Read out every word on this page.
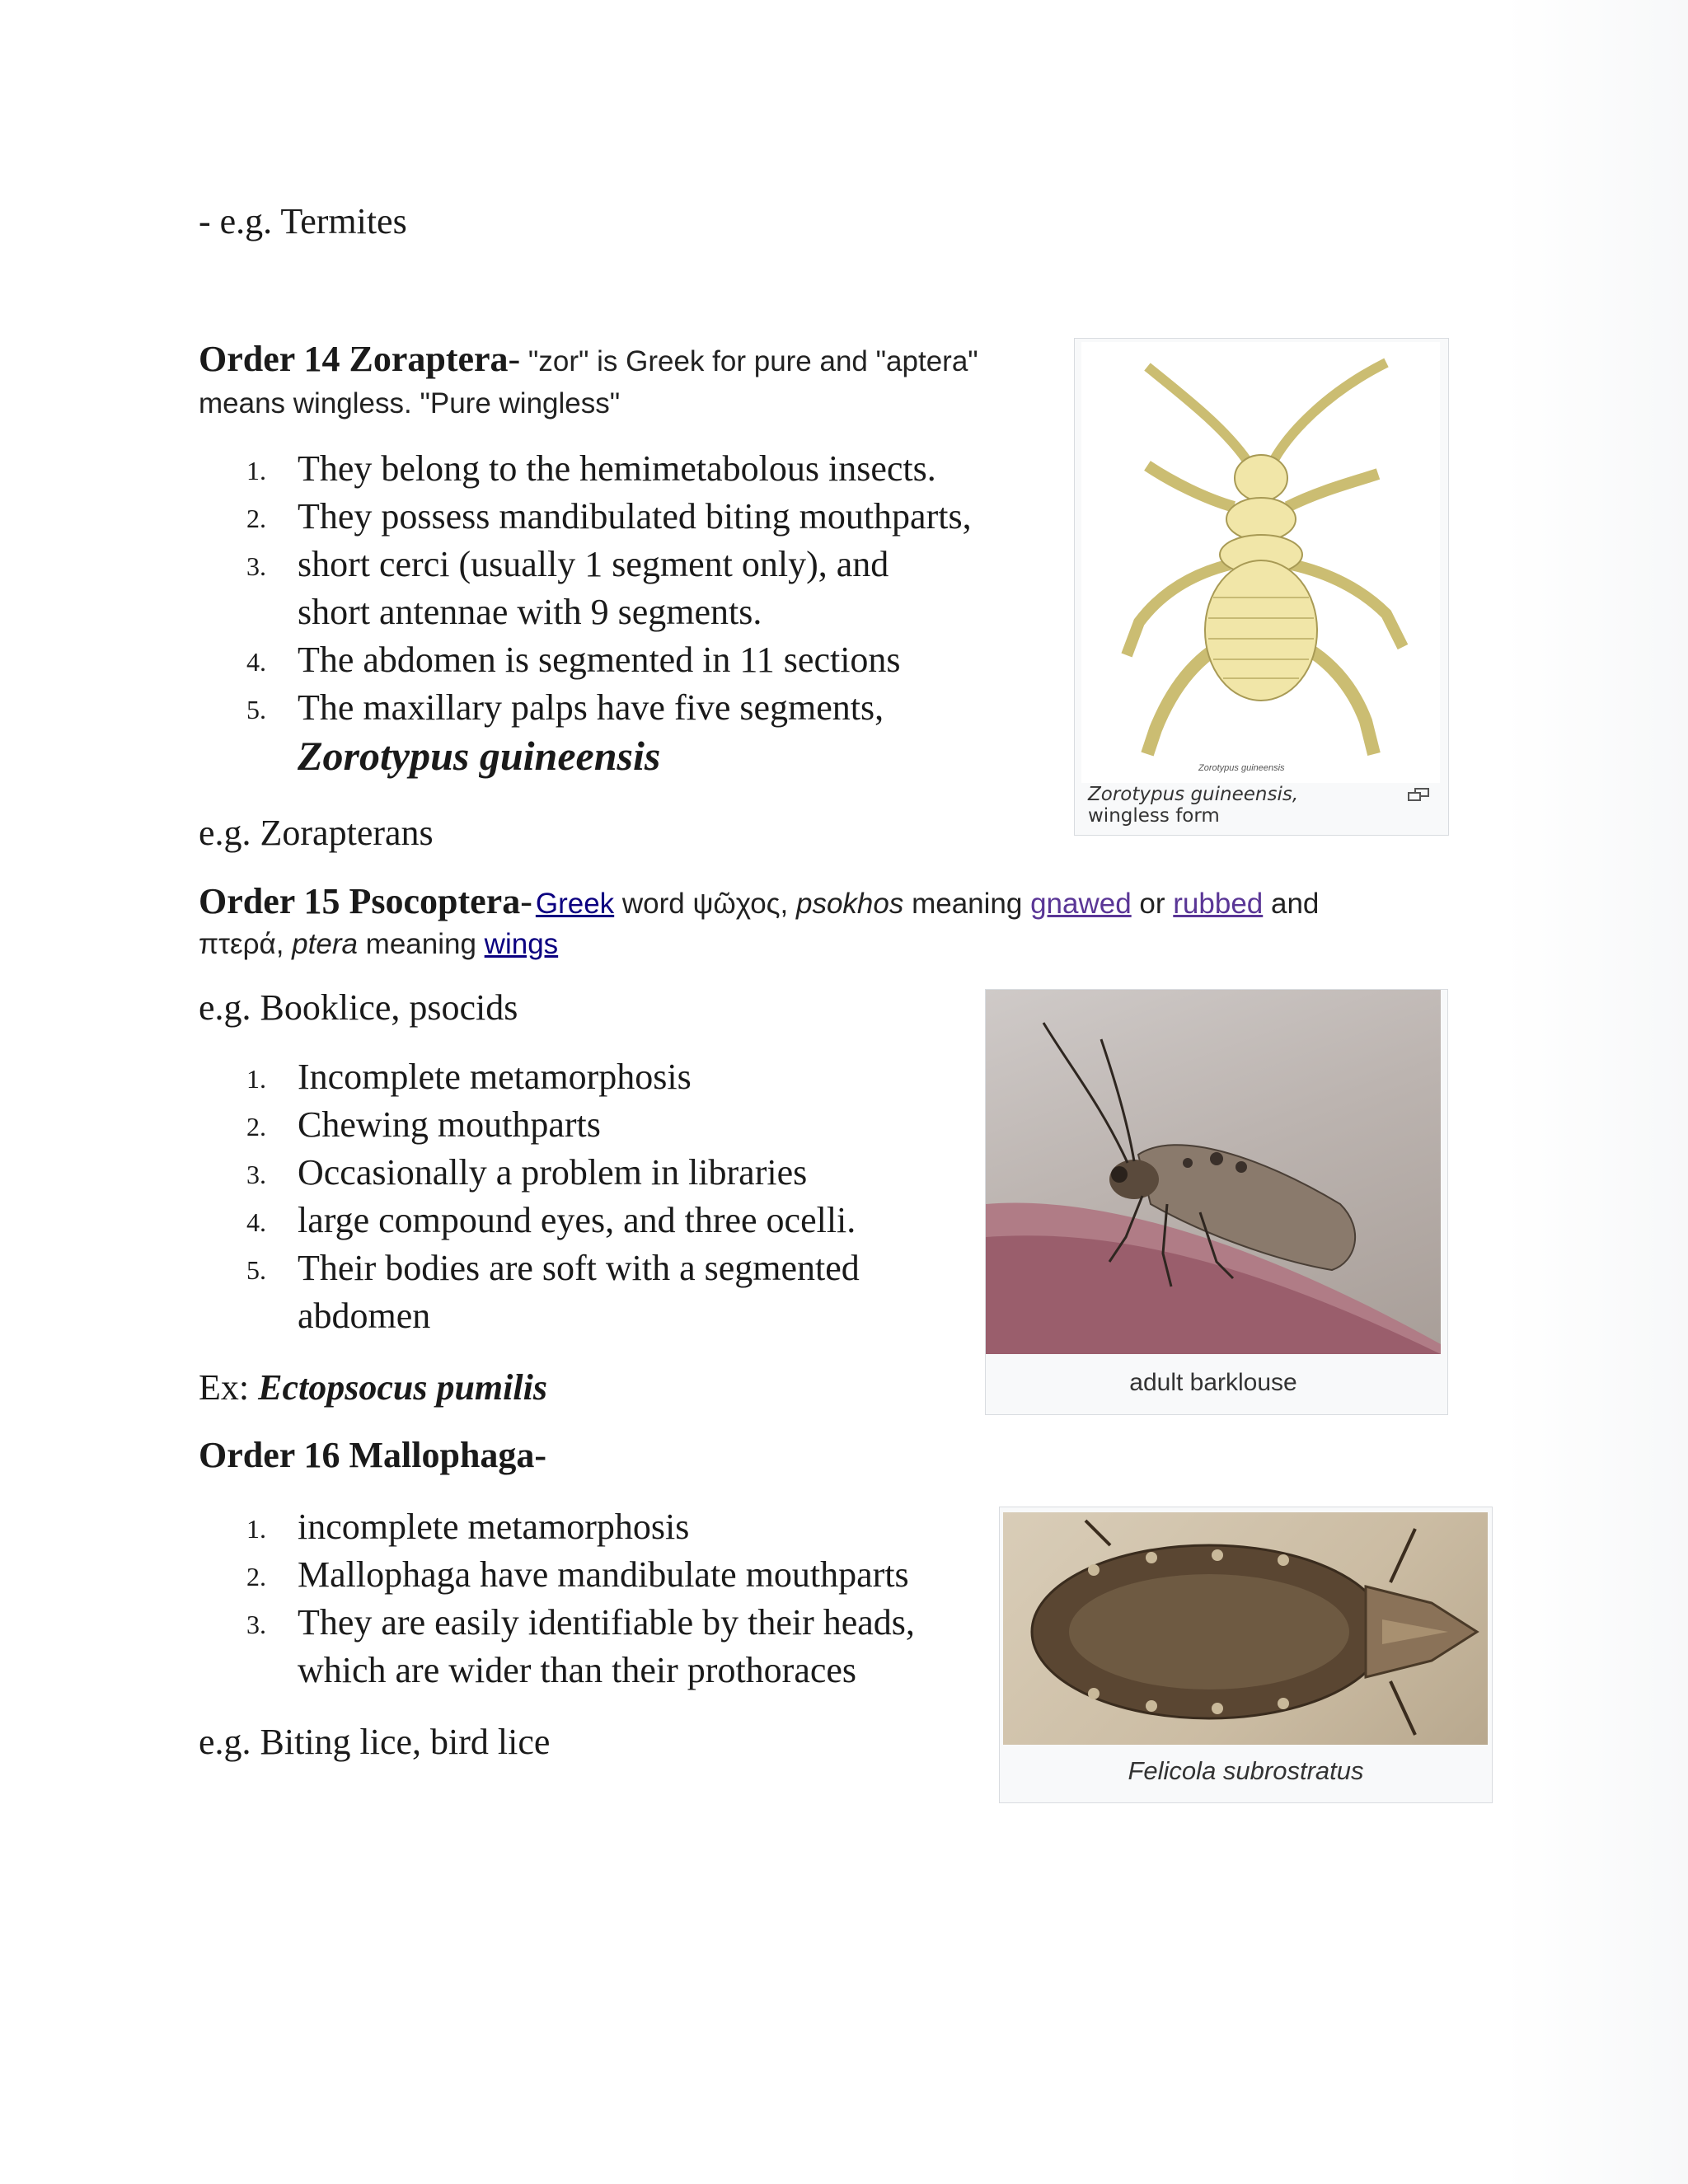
- e.g. Termites
Order 14 Zoraptera- "zor" is Greek for pure and "aptera"
means wingless. "Pure wingless"
1. They belong to the hemimetabolous insects.
2. They possess mandibulated biting mouthparts,
3. short cerci (usually 1 segment only), and
short antennae with 9 segments.
4. The abdomen is segmented in 11 sections
5. The maxillary palps have five segments,
Zorotypus guineensis
e.g. Zorapterans
Zorotypus guineensis
Zorotypus guineensis,
wingless form
Order 15 Psocoptera- Greek word ψῶχος, psokhos meaning gnawed or rubbed and
πτερά, ptera meaning wings
e.g. Booklice, psocids
1. Incomplete metamorphosis
2. Chewing mouthparts
3. Occasionally a problem in libraries
4. large compound eyes, and three ocelli.
5. Their bodies are soft with a segmented
abdomen
Ex: Ectopsocus pumilis	adult barklouse
Order 16 Mallophaga-
1. incomplete metamorphosis
2. Mallophaga have mandibulate mouthparts
3. They are easily identifiable by their heads,
which are wider than their prothoraces
e.g. Biting lice, bird lice
Felicola subrostratus
